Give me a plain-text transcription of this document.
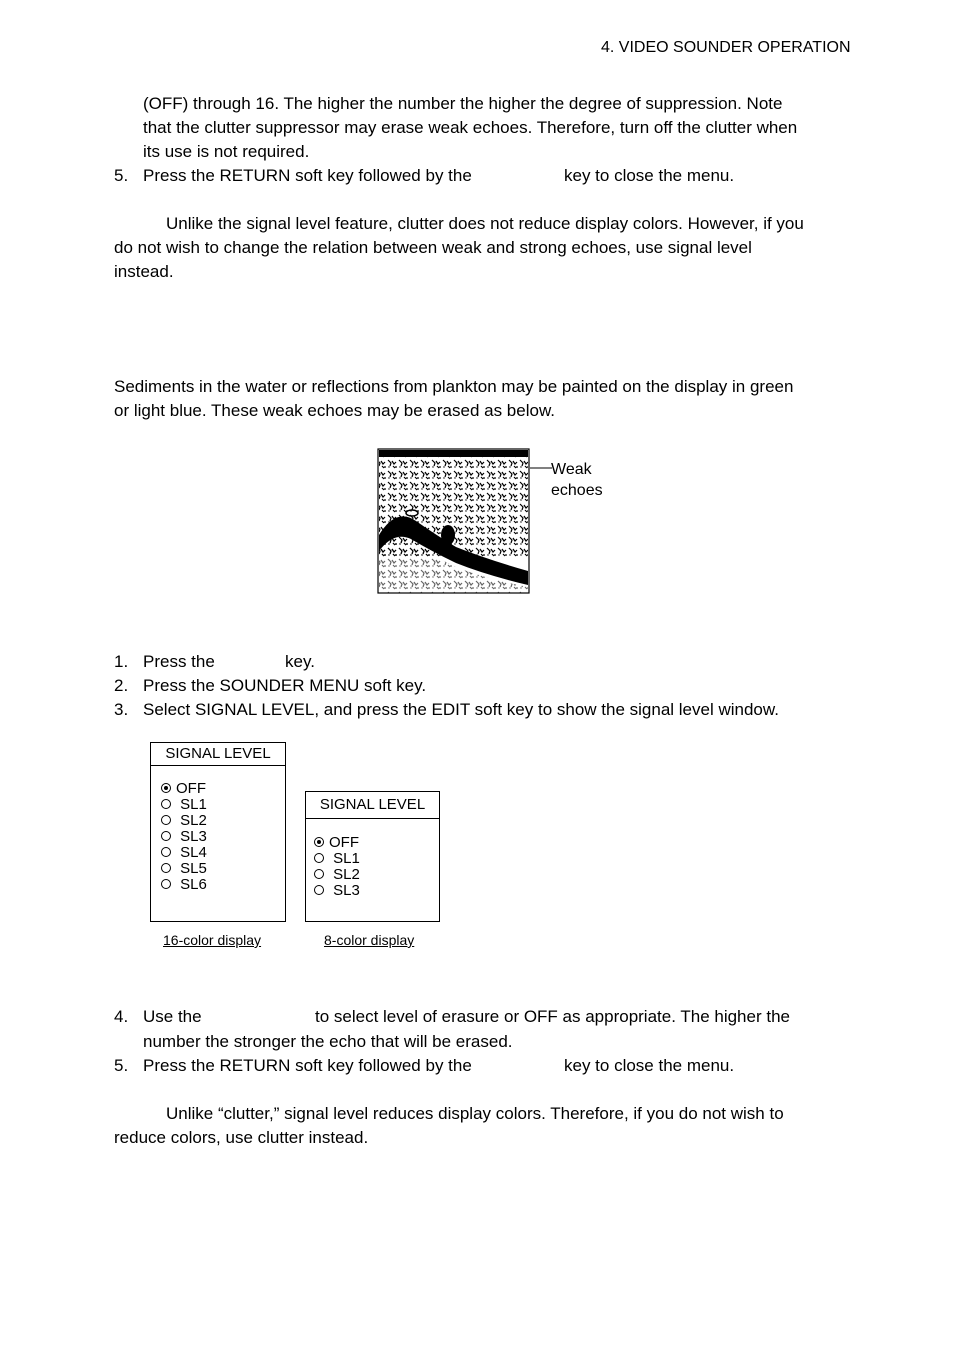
4. VIDEO SOUNDER OPERATION
(OFF) through 16. The higher the number the higher the degree of suppression. Note
that the clutter suppressor may erase weak echoes. Therefore, turn off the clutter when
its use is not required.
5. Press the RETURN soft key followed by the	key to close the menu.
Unlike the signal level feature, clutter does not reduce display colors. However, if you
do not wish to change the relation between weak and strong echoes, use signal level
instead.
Sediments in the water or reflections from plankton may be painted on the display in green
or light blue. These weak echoes may be erased as below.
Weak
echoes
1. Press the	key.
2. Press the SOUNDER MENU soft key.
3. Select SIGNAL LEVEL, and press the EDIT soft key to show the signal level window.
SIGNAL LEVEL
OFF
SL1
SL2
SL3
SL4
SL5
SL6
16-color display
SIGNAL LEVEL
OFF
SL1
SL2
SL3
8-color display
4. Use the	to select level of erasure or OFF as appropriate. The higher the
number the stronger the echo that will be erased.
5. Press the RETURN soft key followed by the	key to close the menu.
Unlike “clutter,” signal level reduces display colors. Therefore, if you do not wish to
reduce colors, use clutter instead.
